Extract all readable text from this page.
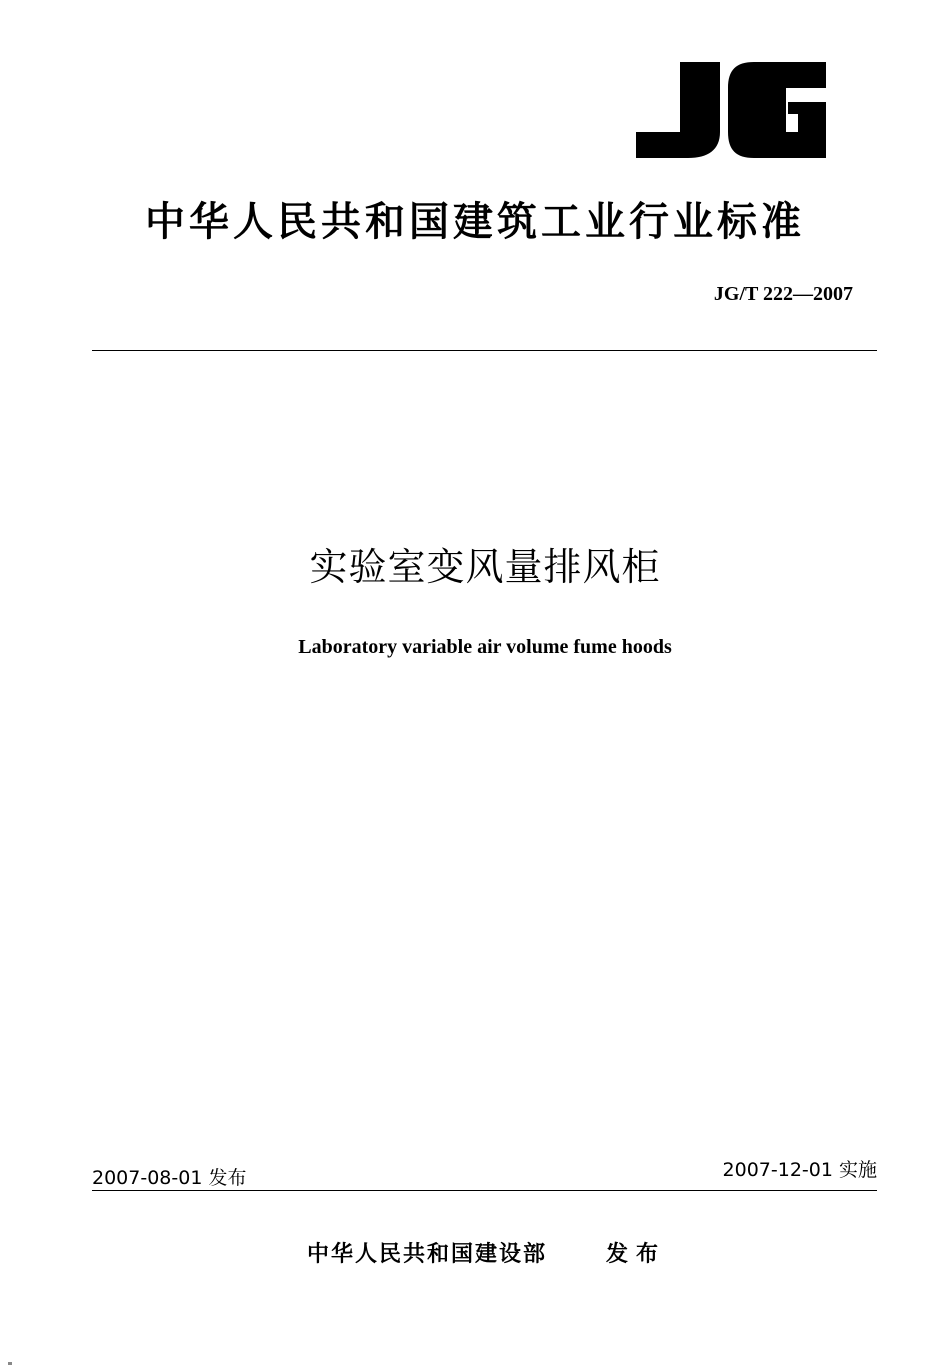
中华人民共和国建筑工业行业标准
JG/T 222—2007
实验室变风量排风柜
Laboratory variable air volume fume hoods
2007-08-01 发布	2007-12-01 实施
中华人民共和国建设部	发布
